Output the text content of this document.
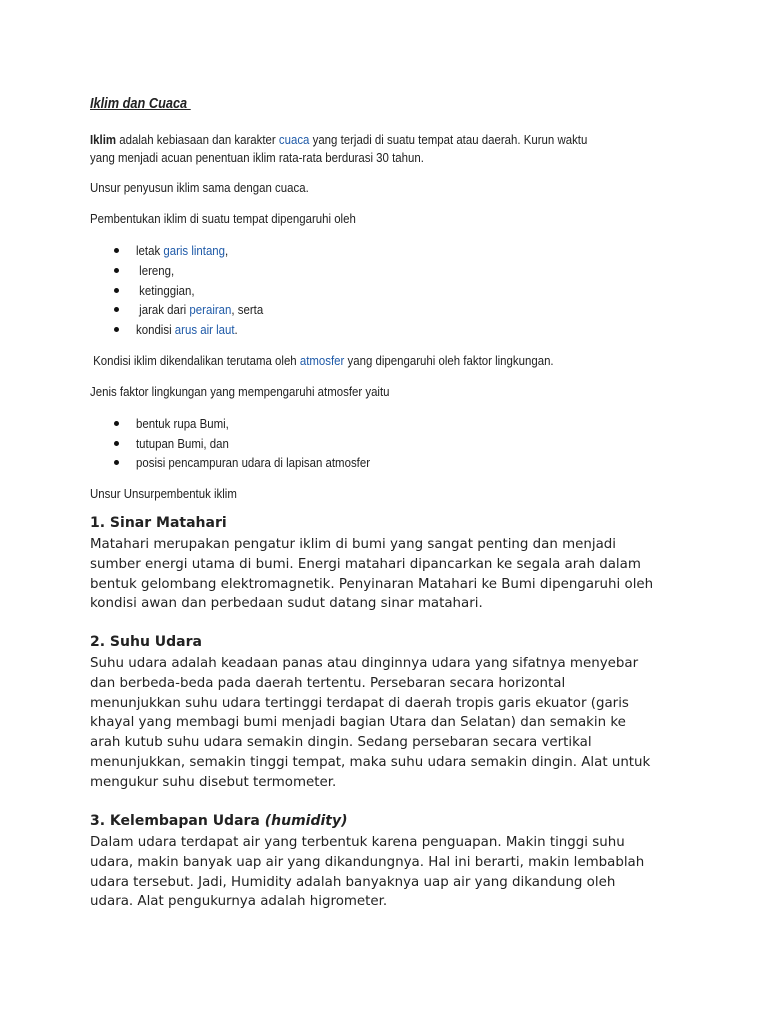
Iklim dan Cuaca
Iklim adalah kebiasaan dan karakter cuaca yang terjadi di suatu tempat atau daerah. Kurun waktu
yang menjadi acuan penentuan iklim rata-rata berdurasi 30 tahun.
Unsur penyusun iklim sama dengan cuaca.
Pembentukan iklim di suatu tempat dipengaruhi oleh
letak garis lintang,
lereng,
ketinggian,
jarak dari perairan, serta
kondisi arus air laut.
Kondisi iklim dikendalikan terutama oleh atmosfer yang dipengaruhi oleh faktor lingkungan.
Jenis faktor lingkungan yang mempengaruhi atmosfer yaitu
bentuk rupa Bumi,
tutupan Bumi, dan
posisi pencampuran udara di lapisan atmosfer
Unsur Unsurpembentuk iklim
1. Sinar Matahari
Matahari merupakan pengatur iklim di bumi yang sangat penting dan menjadi
sumber energi utama di bumi. Energi matahari dipancarkan ke segala arah dalam
bentuk gelombang elektromagnetik. Penyinaran Matahari ke Bumi dipengaruhi oleh
kondisi awan dan perbedaan sudut datang sinar matahari.
2. Suhu Udara
Suhu udara adalah keadaan panas atau dinginnya udara yang sifatnya menyebar
dan berbeda-beda pada daerah tertentu. Persebaran secara horizontal
menunjukkan suhu udara tertinggi terdapat di daerah tropis garis ekuator (garis
khayal yang membagi bumi menjadi bagian Utara dan Selatan) dan semakin ke
arah kutub suhu udara semakin dingin. Sedang persebaran secara vertikal
menunjukkan, semakin tinggi tempat, maka suhu udara semakin dingin. Alat untuk
mengukur suhu disebut termometer.
3. Kelembapan Udara (humidity)
Dalam udara terdapat air yang terbentuk karena penguapan. Makin tinggi suhu
udara, makin banyak uap air yang dikandungnya. Hal ini berarti, makin lembablah
udara tersebut. Jadi, Humidity adalah banyaknya uap air yang dikandung oleh
udara. Alat pengukurnya adalah higrometer.
